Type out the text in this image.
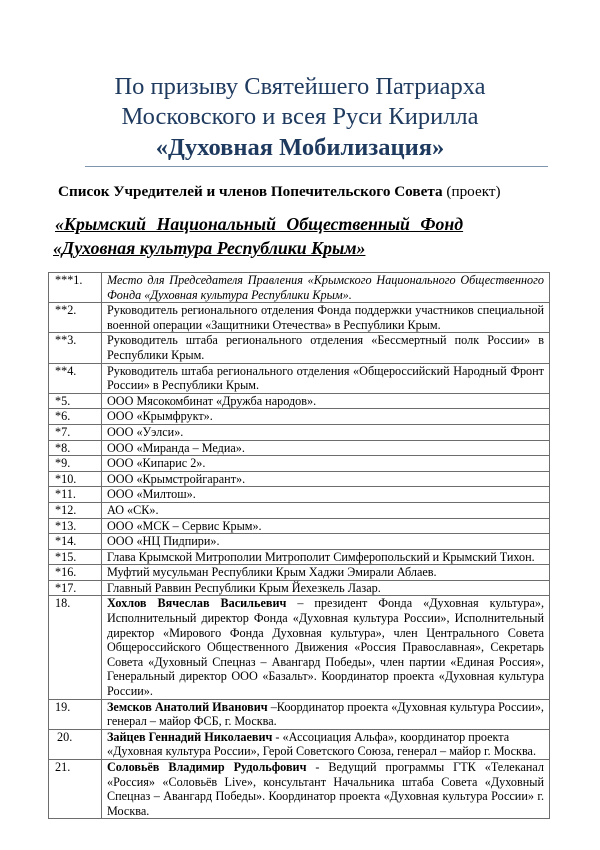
По призыву Святейшего Патриарха
Московского и всея Руси Кирилла
«Духовная Мобилизация»
Список Учредителей и членов Попечительского Совета (проект)
«Крымский Национальный Общественный Фонд
«Духовная культура Республики Крым»
***1.	Место для Председателя Правления «Крымского Национального Общественного Фонда «Духовная культура Республики Крым».
**2.	Руководитель регионального отделения Фонда поддержки участников специальной военной операции «Защитники Отечества» в Республики Крым.
**3.	Руководитель штаба регионального отделения «Бессмертный полк России» в Республики Крым.
**4.	Руководитель штаба регионального отделения «Общероссийский Народный Фронт России» в Республики Крым.
*5.	ООО Мясокомбинат «Дружба народов».
*6.	ООО «Крымфрукт».
*7.	ООО «Уэлси».
*8.	ООО «Миранда – Медиа».
*9.	ООО «Кипарис 2».
*10.	ООО «Крымстройгарант».
*11.	ООО «Милтош».
*12.	АО «СК».
*13.	ООО «МСК – Сервис Крым».
*14.	ООО «НЦ Пидпири».
*15.	Глава Крымской Митрополии Митрополит Симферопольский и Крымский Тихон.
*16.	Муфтий мусульман Республики Крым Хаджи Эмирали Аблаев.
*17.	Главный Раввин Республики Крым Йехезкель Лазар.
18.	Хохлов Вячеслав Васильевич – президент Фонда «Духовная культура», Исполнительный директор Фонда «Духовная культура России», Исполнительный директор «Мирового Фонда Духовная культура», член Центрального Совета Общероссийского Общественного Движения «Россия Православная», Секретарь Совета «Духовный Спецназ – Авангард Победы», член партии «Единая Россия», Генеральный директор ООО «Базальт». Координатор проекта «Духовная культура России».
19.	Земсков Анатолий Иванович –Координатор проекта «Духовная культура России», генерал – майор ФСБ, г. Москва.
20.	Зайцев Геннадий Николаевич - «Ассоциация Альфа», координатор проекта «Духовная культура России», Герой Советского Союза, генерал – майор г. Москва.
21.	Соловьёв Владимир Рудольфович - Ведущий программы ГТК «Телеканал «Россия» «Соловьёв Live», консультант Начальника штаба Совета «Духовный Спецназ – Авангард Победы». Координатор проекта «Духовная культура России» г. Москва.
